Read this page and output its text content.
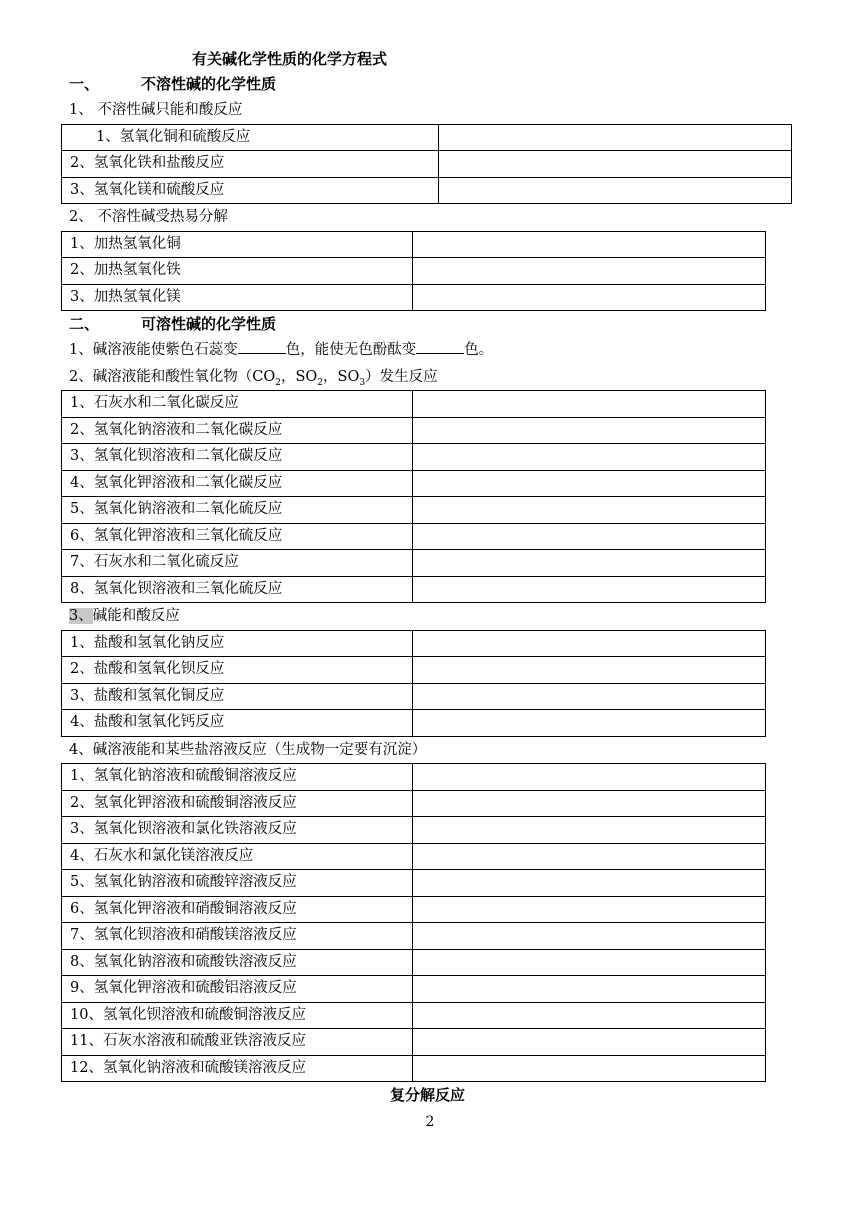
有关碱化学性质的化学方程式
一、	不溶性碱的化学性质
1、 不溶性碱只能和酸反应
1、氢氧化铜和硫酸反应	
2、氢氧化铁和盐酸反应	
3、氢氧化镁和硫酸反应	
2、 不溶性碱受热易分解
1、加热氢氧化铜	
2、加热氢氧化铁	
3、加热氢氧化镁	
二、	可溶性碱的化学性质
1、碱溶液能使紫色石蕊变	色，能使无色酚酞变	色。
2、碱溶液能和酸性氧化物（$CO_2$，$SO_2$，$SO_3$）发生反应
1、石灰水和二氧化碳反应	
2、氢氧化钠溶液和二氧化碳反应	
3、氢氧化钡溶液和二氧化碳反应	
4、氢氧化钾溶液和二氧化碳反应	
5、氢氧化钠溶液和二氧化硫反应	
6、氢氧化钾溶液和三氧化硫反应	
7、石灰水和二氧化硫反应	
8、氢氧化钡溶液和三氧化硫反应	
3、碱能和酸反应
1、盐酸和氢氧化钠反应	
2、盐酸和氢氧化钡反应	
3、盐酸和氢氧化铜反应	
4、盐酸和氢氧化钙反应	
4、碱溶液能和某些盐溶液反应（生成物一定要有沉淀）
1、氢氧化钠溶液和硫酸铜溶液反应	
2、氢氧化钾溶液和硫酸铜溶液反应	
3、氢氧化钡溶液和氯化铁溶液反应	
4、石灰水和氯化镁溶液反应	
5、氢氧化钠溶液和硫酸锌溶液反应	
6、氢氧化钾溶液和硝酸铜溶液反应	
7、氢氧化钡溶液和硝酸镁溶液反应	
8、氢氧化钠溶液和硫酸铁溶液反应	
9、氢氧化钾溶液和硫酸铝溶液反应	
10、氢氧化钡溶液和硫酸铜溶液反应	
11、石灰水溶液和硫酸亚铁溶液反应	
12、氢氧化钠溶液和硫酸镁溶液反应	
复分解反应
2
